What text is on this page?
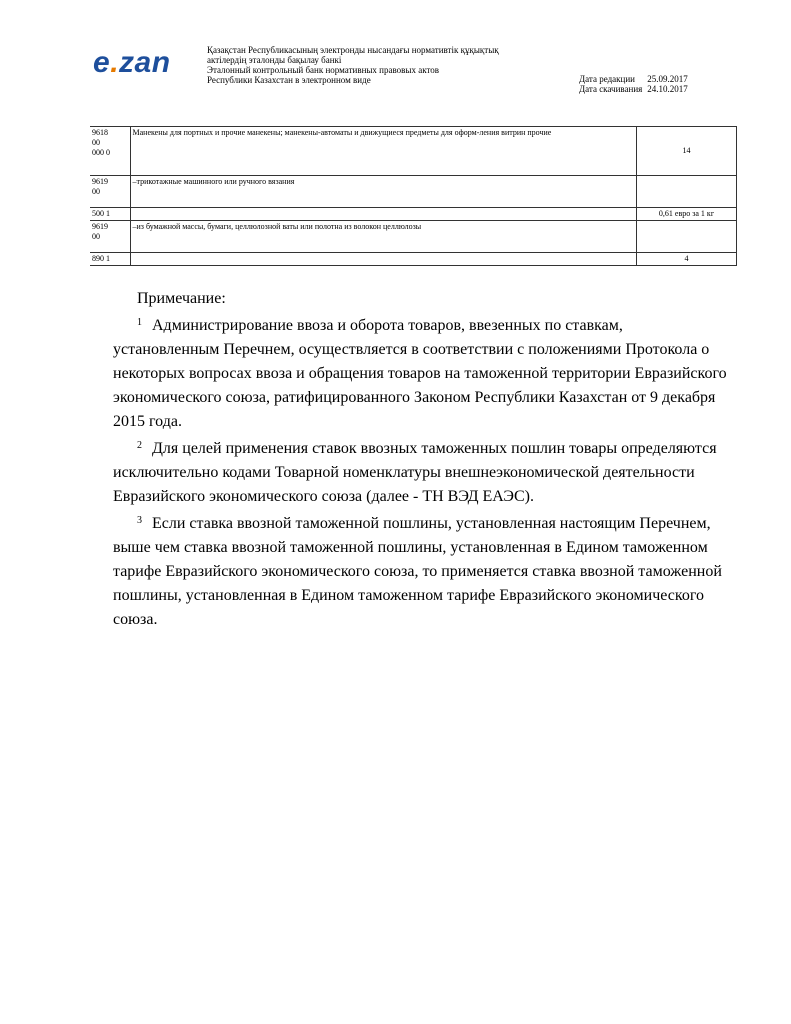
e.zan	Қазақстан Республикасының электронды нысандағы нормативтік құқықтық
актілердің эталонды бақылау банкі
Эталонный контрольный банк нормативных правовых актов
Республики Казахстан в электронном виде	Дата редакции 25.09.2017
Дата скачивания 24.10.2017
9618
00
000 0	Манекены для портных и прочие манекены; манекены-автоматы и движущиеся предметы для оформ-ления витрин прочие	14

9619
00	–трикотажные машинного или ручного вязания	

500 1		0,61 евро за 1 кг

9619
00	–из бумажной массы, бумаги, целлюлозной ваты или полотна из волокон целлюлозы	

890 1		4
Примечание:

$^1$ Администрирование ввоза и оборота товаров, ввезенных по ставкам, установленным Перечнем, осуществляется в соответствии с положениями Протокола о некоторых вопросах ввоза и обращения товаров на таможенной территории Евразийского экономического союза, ратифицированного Законом Республики Казахстан от 9 декабря 2015 года.

$^2$ Для целей применения ставок ввозных таможенных пошлин товары определяются исключительно кодами Товарной номенклатуры внешнеэкономической деятельности Евразийского экономического союза (далее - ТН ВЭД ЕАЭС).

$^3$ Если ставка ввозной таможенной пошлины, установленная настоящим Перечнем, выше чем ставка ввозной таможенной пошлины, установленная в Едином таможенном тарифе Евразийского экономического союза, то применяется ставка ввозной таможенной пошлины, установленная в Едином таможенном тарифе Евразийского экономического союза.
